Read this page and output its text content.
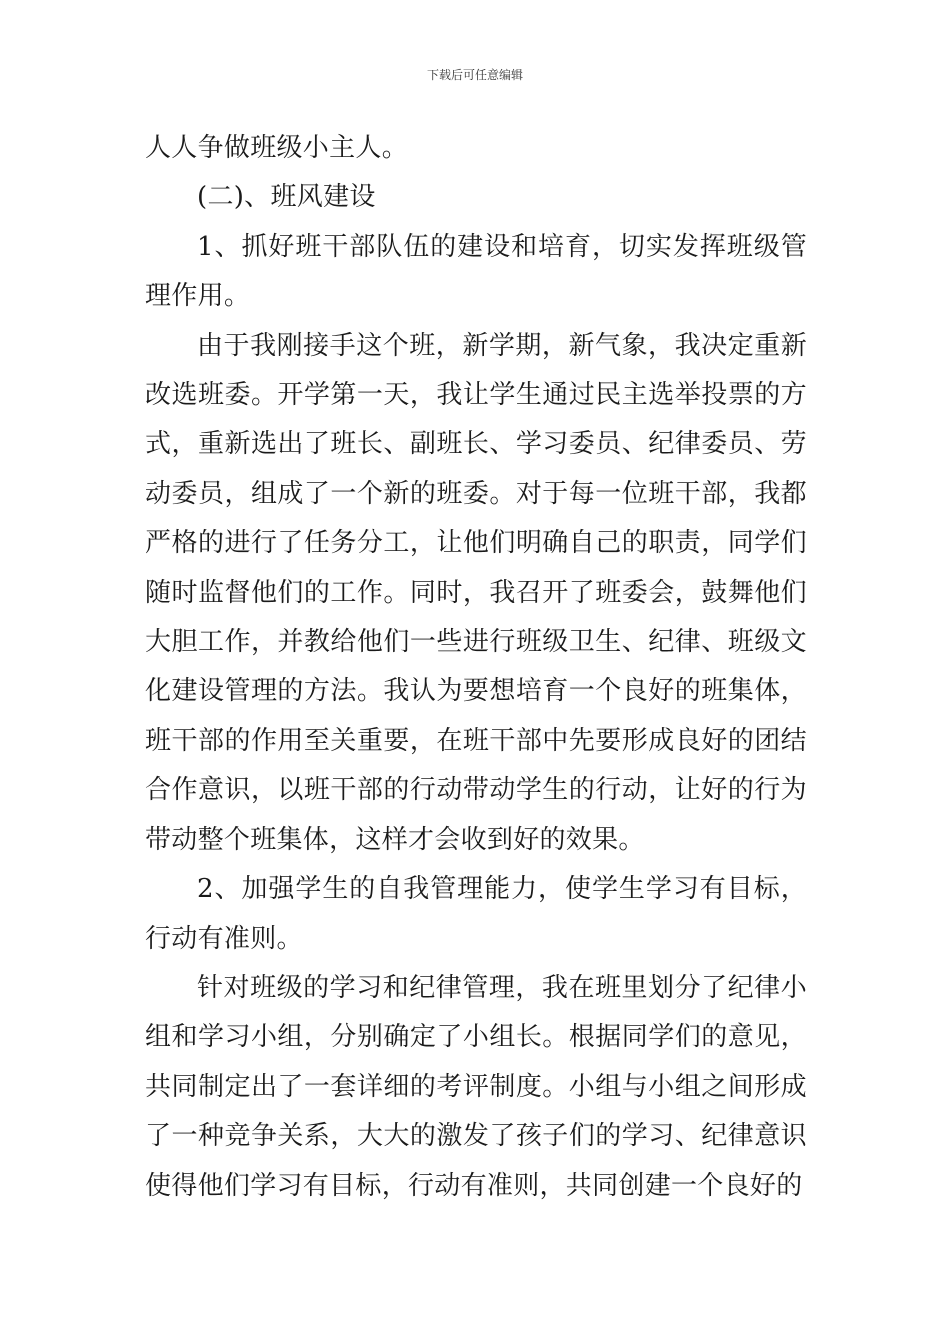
下载后可任意编辑

人人争做班级小主人。

(二)、班风建设

1、抓好班干部队伍的建设和培育，切实发挥班级管理作用。

由于我刚接手这个班，新学期，新气象，我决定重新改选班委。开学第一天，我让学生通过民主选举投票的方式，重新选出了班长、副班长、学习委员、纪律委员、劳动委员，组成了一个新的班委。对于每一位班干部，我都严格的进行了任务分工，让他们明确自己的职责，同学们随时监督他们的工作。同时，我召开了班委会，鼓舞他们大胆工作，并教给他们一些进行班级卫生、纪律、班级文化建设管理的方法。我认为要想培育一个良好的班集体，班干部的作用至关重要，在班干部中先要形成良好的团结合作意识，以班干部的行动带动学生的行动，让好的行为带动整个班集体，这样才会收到好的效果。

2、加强学生的自我管理能力，使学生学习有目标，行动有准则。

针对班级的学习和纪律管理，我在班里划分了纪律小组和学习小组，分别确定了小组长。根据同学们的意见，共同制定出了一套详细的考评制度。小组与小组之间形成了一种竞争关系，大大的激发了孩子们的学习、纪律意识使得他们学习有目标，行动有准则，共同创建一个良好的
